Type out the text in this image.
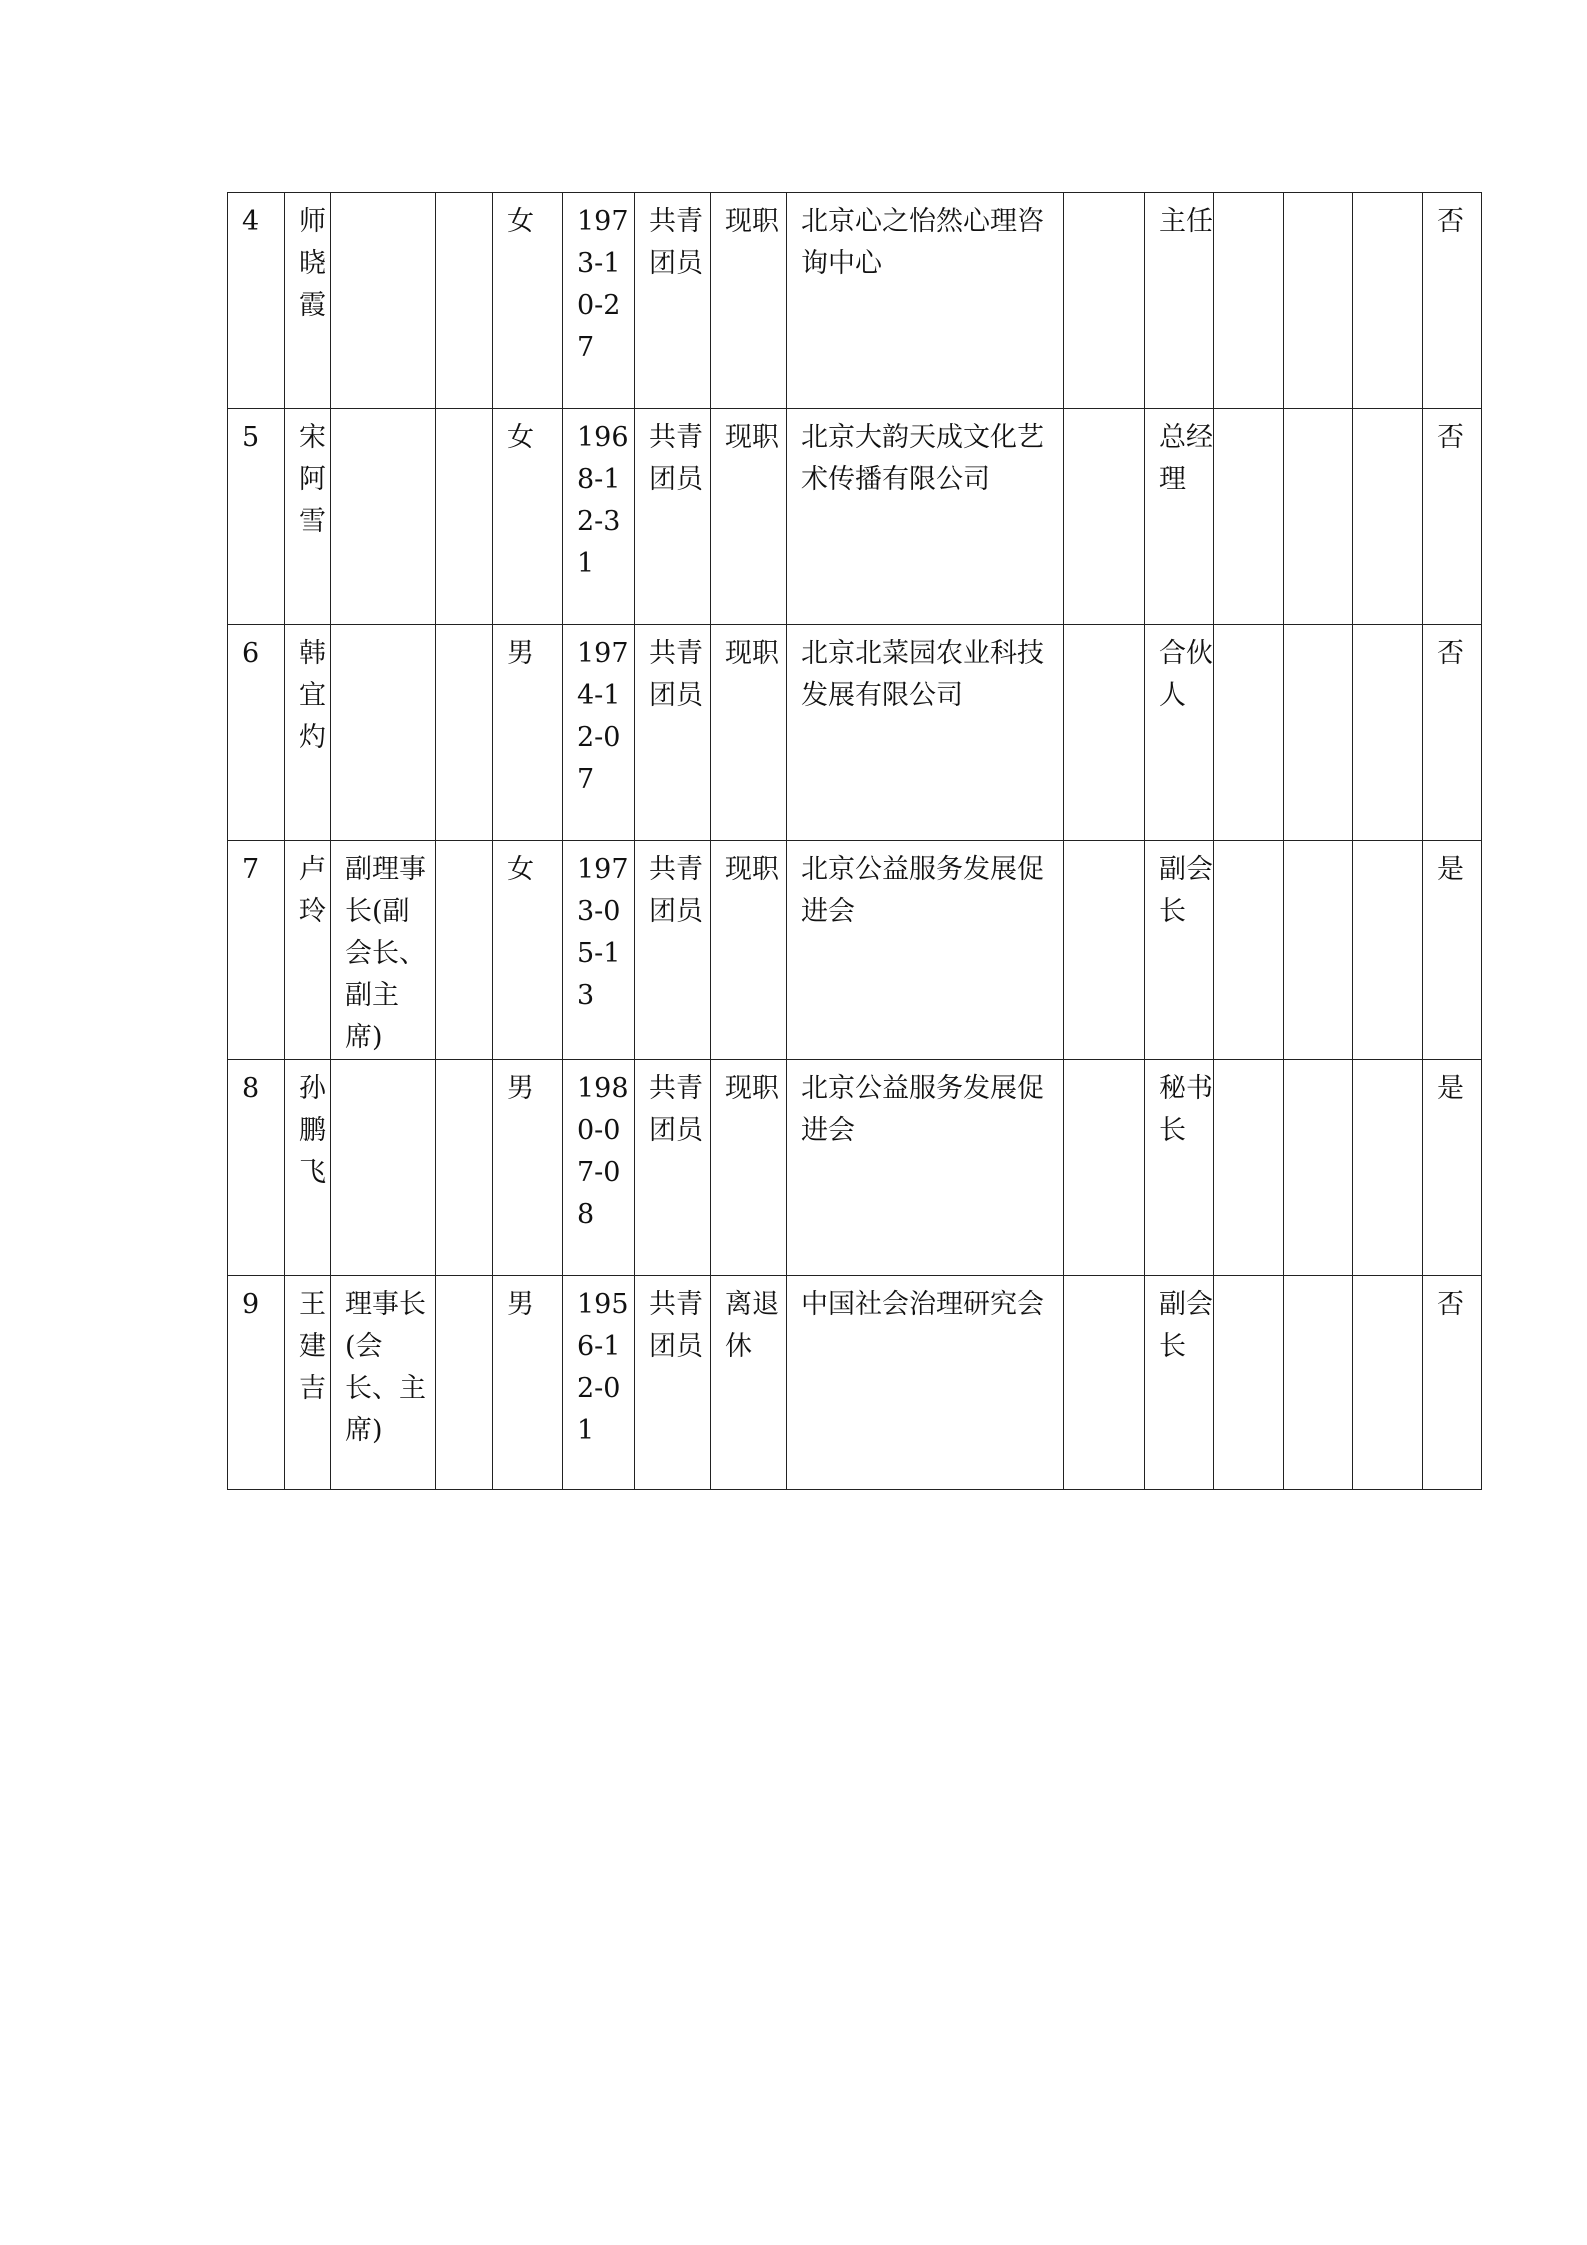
4	师晓霞			女	1973-10-27	共青团员	现职	北京心之怡然心理咨询中心		主任				否
5	宋阿雪			女	1968-12-31	共青团员	现职	北京大韵天成文化艺术传播有限公司		总经理				否
6	韩宜灼			男	1974-12-07	共青团员	现职	北京北菜园农业科技发展有限公司		合伙人				否
7	卢玲	副理事长(副会长、副主席)		女	1973-05-13	共青团员	现职	北京公益服务发展促进会		副会长				是
8	孙鹏飞			男	1980-07-08	共青团员	现职	北京公益服务发展促进会		秘书长				是
9	王建吉	理事长(会长、主席)		男	1956-12-01	共青团员	离退休	中国社会治理研究会		副会长				否
